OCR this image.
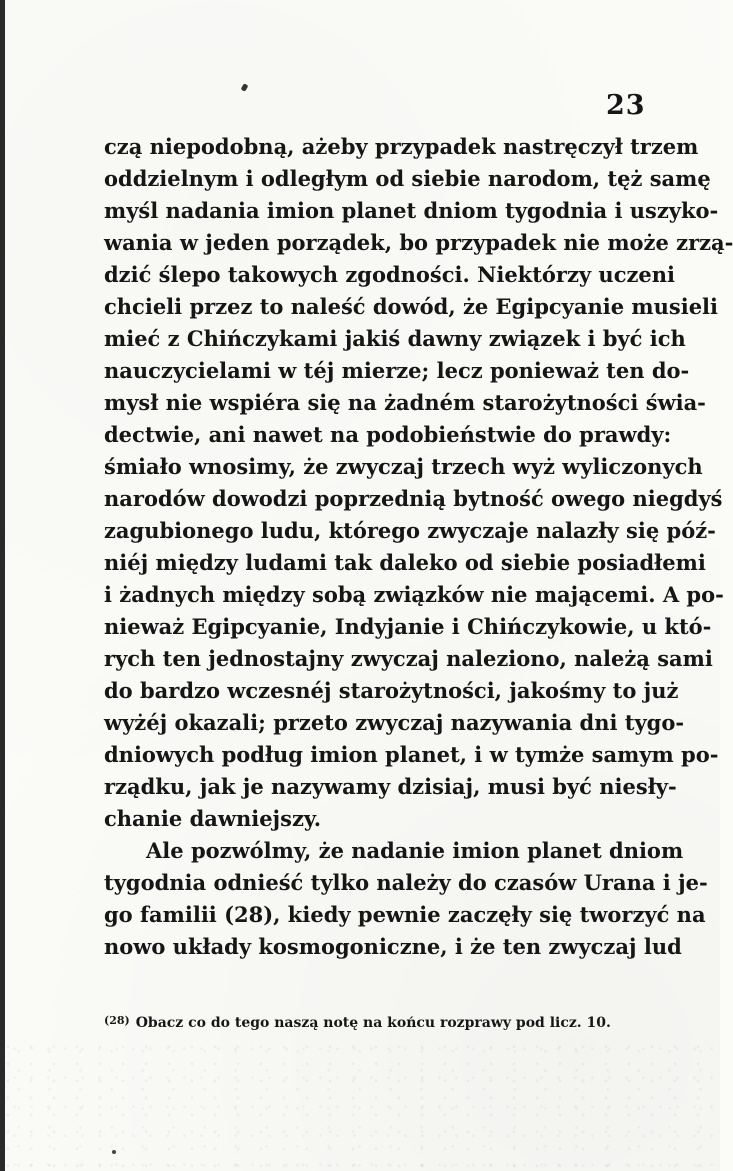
23
czą niepodobną, ażeby przypadek nastręczył trzem
oddzielnym i odległym od siebie narodom, tęż samę
myśl nadania imion planet dniom tygodnia i uszyko-
wania w jeden porządek, bo przypadek nie może zrzą-
dzić ślepo takowych zgodności. Niektórzy uczeni
chcieli przez to naleść dowód, że Egipcyanie musieli
mieć z Chińczykami jakiś dawny związek i być ich
nauczycielami w téj mierze; lecz ponieważ ten do-
mysł nie wspiéra się na żadném starożytności świa-
dectwie, ani nawet na podobieństwie do prawdy:
śmiało wnosimy, że zwyczaj trzech wyż wyliczonych
narodów dowodzi poprzednią bytność owego niegdyś
zagubionego ludu, którego zwyczaje nalazły się póź-
niéj między ludami tak daleko od siebie posiadłemi
i żadnych między sobą związków nie mającemi. A po-
nieważ Egipcyanie, Indyjanie i Chińczykowie, u któ-
rych ten jednostajny zwyczaj naleziono, należą sami
do bardzo wczesnéj starożytności, jakośmy to już
wyżéj okazali; przeto zwyczaj nazywania dni tygo-
dniowych podług imion planet, i w tymże samym po-
rządku, jak je nazywamy dzisiaj, musi być niesły-
chanie dawniejszy.
Ale pozwólmy, że nadanie imion planet dniom
tygodnia odnieść tylko należy do czasów Urana i je-
go familii (28), kiedy pewnie zaczęły się tworzyć na
nowo układy kosmogoniczne, i że ten zwyczaj lud
$^{(28)}$ Obacz co do tego naszą notę na końcu rozprawy pod licz. 10.
